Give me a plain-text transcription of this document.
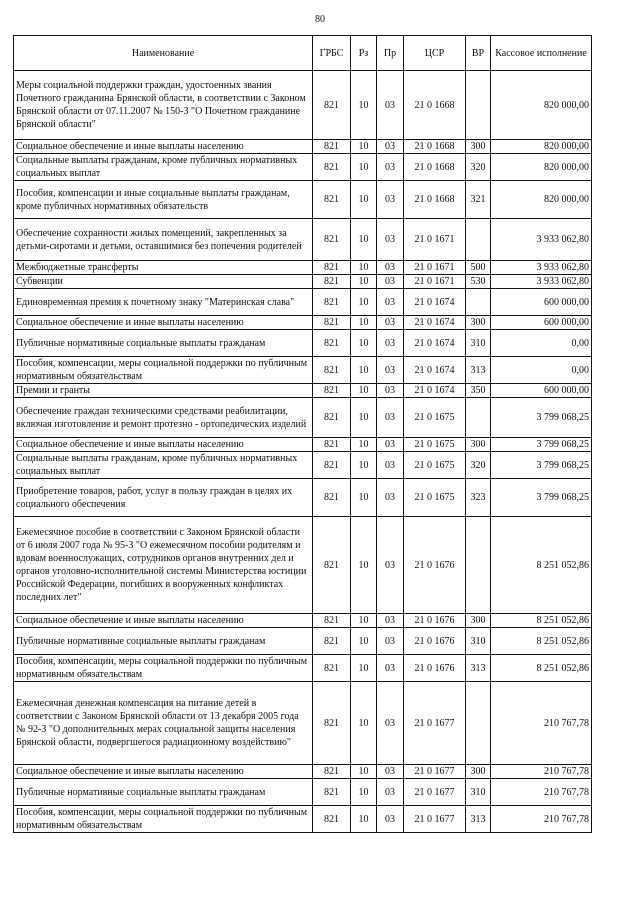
80
Наименование	ГРБС	Рз	Пр	ЦСР	ВР	Кассовое исполнение
Меры социальной поддержки граждан, удостоенных звания Почетного гражданина Брянской области, в соответствии с Законом Брянской области от 07.11.2007 № 150-З "О Почетном гражданине Брянской области"	821	10	03	21 0 1668		820 000,00
Социальное обеспечение и иные выплаты населению	821	10	03	21 0 1668	300	820 000,00
Социальные выплаты гражданам, кроме публичных нормативных социальных выплат	821	10	03	21 0 1668	320	820 000,00
Пособия, компенсации и иные социальные выплаты гражданам, кроме публичных нормативных обязательств	821	10	03	21 0 1668	321	820 000,00
Обеспечение сохранности жилых помещений, закрепленных за детьми-сиротами и детьми, оставшимися без попечения родителей	821	10	03	21 0 1671		3 933 062,80
Межбюджетные трансферты	821	10	03	21 0 1671	500	3 933 062,80
Субвенции	821	10	03	21 0 1671	530	3 933 062,80
Единовременная премия к почетному знаку "Материнская слава"	821	10	03	21 0 1674		600 000,00
Социальное обеспечение и иные выплаты населению	821	10	03	21 0 1674	300	600 000,00
Публичные нормативные социальные выплаты гражданам	821	10	03	21 0 1674	310	0,00
Пособия, компенсации, меры социальной поддержки по публичным нормативным обязательствам	821	10	03	21 0 1674	313	0,00
Премии и гранты	821	10	03	21 0 1674	350	600 000,00
Обеспечение граждан техническими средствами реабилитации, включая изготовление и ремонт протезно - ортопедических изделий	821	10	03	21 0 1675		3 799 068,25
Социальное обеспечение и иные выплаты населению	821	10	03	21 0 1675	300	3 799 068,25
Социальные выплаты гражданам, кроме публичных нормативных социальных выплат	821	10	03	21 0 1675	320	3 799 068,25
Приобретение товаров, работ, услуг в пользу граждан в целях их социального обеспечения	821	10	03	21 0 1675	323	3 799 068,25
Ежемесячное пособие в соответствии с Законом Брянской области от 6 июля 2007 года № 95-З "О ежемесячном пособии родителям и вдовам военнослужащих, сотрудников органов внутренних дел и органов уголовно-исполнительной системы Министерства юстиции Российской Федерации, погибших в вооруженных конфликтах последних лет"	821	10	03	21 0 1676		8 251 052,86
Социальное обеспечение и иные выплаты населению	821	10	03	21 0 1676	300	8 251 052,86
Публичные нормативные социальные выплаты гражданам	821	10	03	21 0 1676	310	8 251 052,86
Пособия, компенсации, меры социальной поддержки по публичным нормативным обязательствам	821	10	03	21 0 1676	313	8 251 052,86
Ежемесячная денежная компенсация на питание детей в соответствии с Законом Брянской области от 13 декабря 2005 года № 92-З "О дополнительных мерах социальной защиты населения Брянской области, подвергшегося радиационному воздействию"	821	10	03	21 0 1677		210 767,78
Социальное обеспечение и иные выплаты населению	821	10	03	21 0 1677	300	210 767,78
Публичные нормативные социальные выплаты гражданам	821	10	03	21 0 1677	310	210 767,78
Пособия, компенсации, меры социальной поддержки по публичным нормативным обязательствам	821	10	03	21 0 1677	313	210 767,78
